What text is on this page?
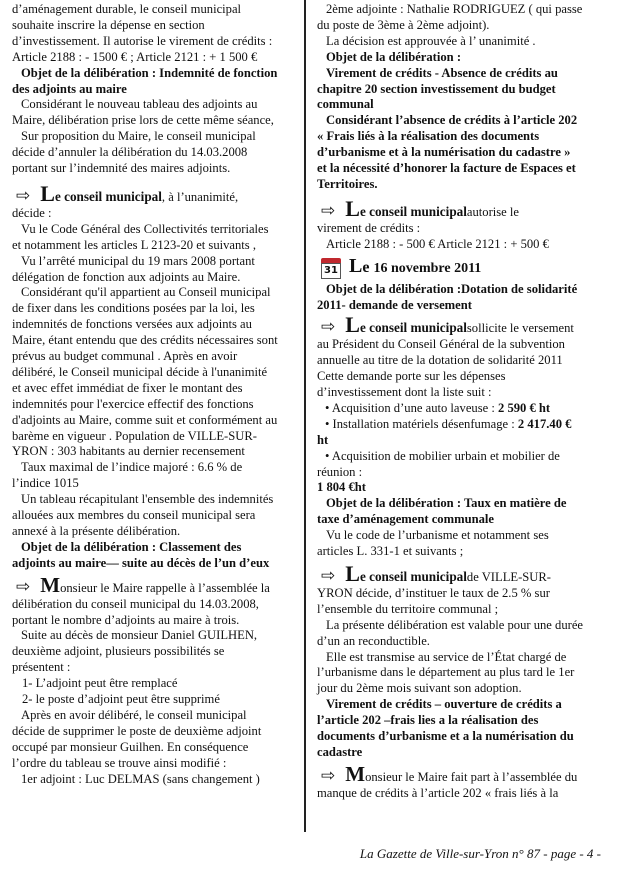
d’aménagement durable, le conseil municipal

souhaite inscrire la dépense en section

d’investissement. Il autorise le virement de crédits :

Article 2188 : - 1500 € ; Article 2121 : + 1 500 €

Objet de la délibération : Indemnité de fonction

des adjoints au maire

Considérant le nouveau tableau des adjoints au

Maire, délibération prise lors de cette même séance,

Sur proposition du Maire, le conseil municipal

décide d’annuler la délibération du 14.03.2008

portant sur l’indemnité des maires adjoints.

⇨ L e conseil municipal , à l’unanimité,

décide :

Vu le Code Général des Collectivités territoriales

et notamment les articles L 2123-20 et suivants ,

Vu l’arrêté municipal du 19 mars 2008 portant

délégation de fonction aux adjoints au Maire.

Considérant qu'il appartient au Conseil municipal

de fixer dans les conditions posées par la loi, les

indemnités de fonctions versées aux adjoints au

Maire, étant entendu que des crédits nécessaires sont

prévus au budget communal . Après en avoir

délibéré, le Conseil municipal décide à l'unanimité

et avec effet immédiat de fixer le montant des

indemnités pour l'exercice effectif des fonctions

d'adjoints au Maire, comme suit et conformément au

barème en vigueur . Population de VILLE-SUR-

YRON : 303 habitants au dernier recensement

Taux maximal de l’indice majoré : 6.6 % de

l’indice 1015

Un tableau récapitulant l'ensemble des indemnités

allouées aux membres du conseil municipal sera

annexé à la présente délibération.

Objet de la délibération : Classement des

adjoints au maire— suite au décès de l’un d’eux

⇨ M onsieur le Maire rappelle à l’assemblée la

délibération du conseil municipal du 14.03.2008,

portant le nombre d’adjoints au maire à trois.

Suite au décès de monsieur Daniel GUILHEN,

deuxième adjoint, plusieurs possibilités se

présentent :

1- L’adjoint peut être remplacé

2- le poste d’adjoint peut être supprimé

Après en avoir délibéré, le conseil municipal

décide de supprimer le poste de deuxième adjoint

occupé par monsieur Guilhen. En conséquence

l’ordre du tableau se trouve ainsi modifié :

1er adjoint : Luc DELMAS (sans changement )

2ème adjointe : Nathalie RODRIGUEZ ( qui passe

du poste de 3ème à 2ème adjoint).

La décision est approuvée à l’ unanimité .

Objet de la délibération :

Virement de crédits - Absence de crédits au

chapitre 20 section investissement du budget

communal

Considérant l’absence de crédits à l’article 202

« Frais liés à la réalisation des documents

d’urbanisme et à la numérisation du cadastre »

et la nécessité d’honorer la facture de Espaces et

Territoires.

⇨ L e conseil municipal autorise le

virement de crédits :

Article 2188 : - 500 € Article 2121 : + 500 €

31 Le 16 novembre 2011

Objet de la délibération :Dotation de solidarité

2011- demande de versement

⇨ L e conseil municipal sollicite le versement

au Président du Conseil Général de la subvention

annuelle au titre de la dotation de solidarité 2011

Cette demande porte sur les dépenses

d’investissement dont la liste suit :

• Acquisition d’une auto laveuse : 2 590 € ht

• Installation matériels désenfumage : 2 417.40 €

ht

• Acquisition de mobilier urbain et mobilier de

réunion :

1 804 €ht

Objet de la délibération : Taux en matière de

taxe d’aménagement communale

Vu le code de l’urbanisme et notamment ses

articles L. 331-1 et suivants ;

⇨ L e conseil municipal de VILLE-SUR-

YRON décide, d’instituer le taux de 2.5 % sur

l’ensemble du territoire communal ;

La présente délibération est valable pour une durée

d’un an reconductible.

Elle est transmise au service de l’État chargé de

l’urbanisme dans le département au plus tard le 1er

jour du 2ème mois suivant son adoption.

Virement de crédits – ouverture de crédits a

l’article 202 –frais lies a la réalisation des

documents d’urbanisme et a la numérisation du

cadastre

⇨ M onsieur le Maire fait part à l’assemblée du

manque de crédits à l’article 202 « frais liés à la

La Gazette de Ville-sur-Yron n° 87 - page - 4 -
